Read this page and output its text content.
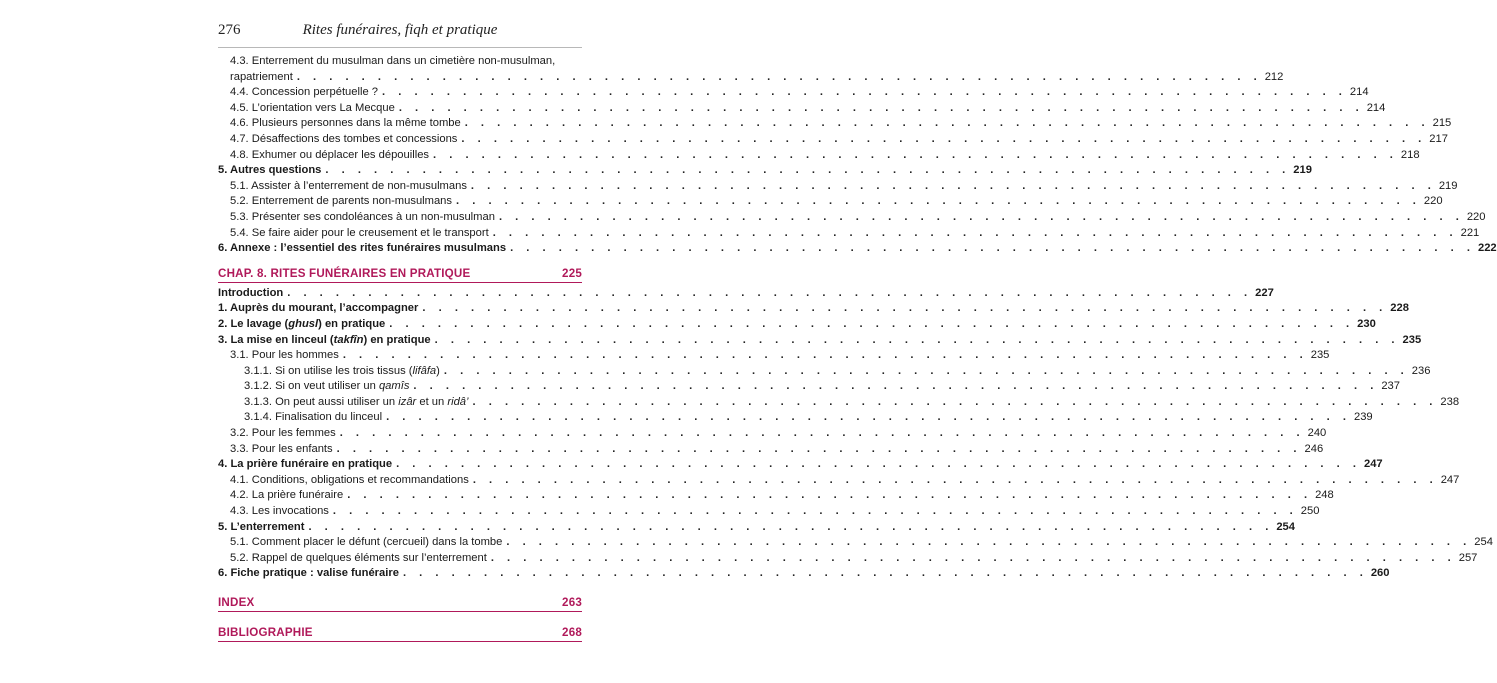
276	Rites funéraires, fiqh et pratique
4.3. Enterrement du musulman dans un cimetière non-musulman,
rapatriement . . .	212
4.4. Concession perpétuelle ? . . .	214
4.5. L’orientation vers La Mecque . . .	214
4.6. Plusieurs personnes dans la même tombe . . .	215
4.7. Désaffections des tombes et concessions . . .	217
4.8. Exhumer ou déplacer les dépouilles . . .	218
5. Autres questions . . .	219
5.1. Assister à l’enterrement de non-musulmans . . .	219
5.2. Enterrement de parents non-musulmans . . .	220
5.3. Présenter ses condoléances à un non-musulman . . .	220
5.4. Se faire aider pour le creusement et le transport . . .	221
6. Annexe : l’essentiel des rites funéraires musulmans . . .	222
CHAP. 8. RITES FUNÉRAIRES EN PRATIQUE	225
Introduction . . .	227
1. Auprès du mourant, l’accompagner . . .	228
2. Le lavage (ghusl) en pratique . . .	230
3. La mise en linceul (takfîn) en pratique . . .	235
3.1. Pour les hommes . . .	235
3.1.1. Si on utilise les trois tissus (lifâfa) . . .	236
3.1.2. Si on veut utiliser un qamîs . . .	237
3.1.3. On peut aussi utiliser un izâr et un ridâ’ . . .	238
3.1.4. Finalisation du linceul . . .	239
3.2. Pour les femmes . . .	240
3.3. Pour les enfants . . .	246
4. La prière funéraire en pratique . . .	247
4.1. Conditions, obligations et recommandations . . .	247
4.2. La prière funéraire . . .	248
4.3. Les invocations . . .	250
5. L’enterrement . . .	254
5.1. Comment placer le défunt (cercueil) dans la tombe . . .	254
5.2. Rappel de quelques éléments sur l’enterrement . . .	257
6. Fiche pratique : valise funéraire . . .	260
INDEX	263
BIBLIOGRAPHIE	268
